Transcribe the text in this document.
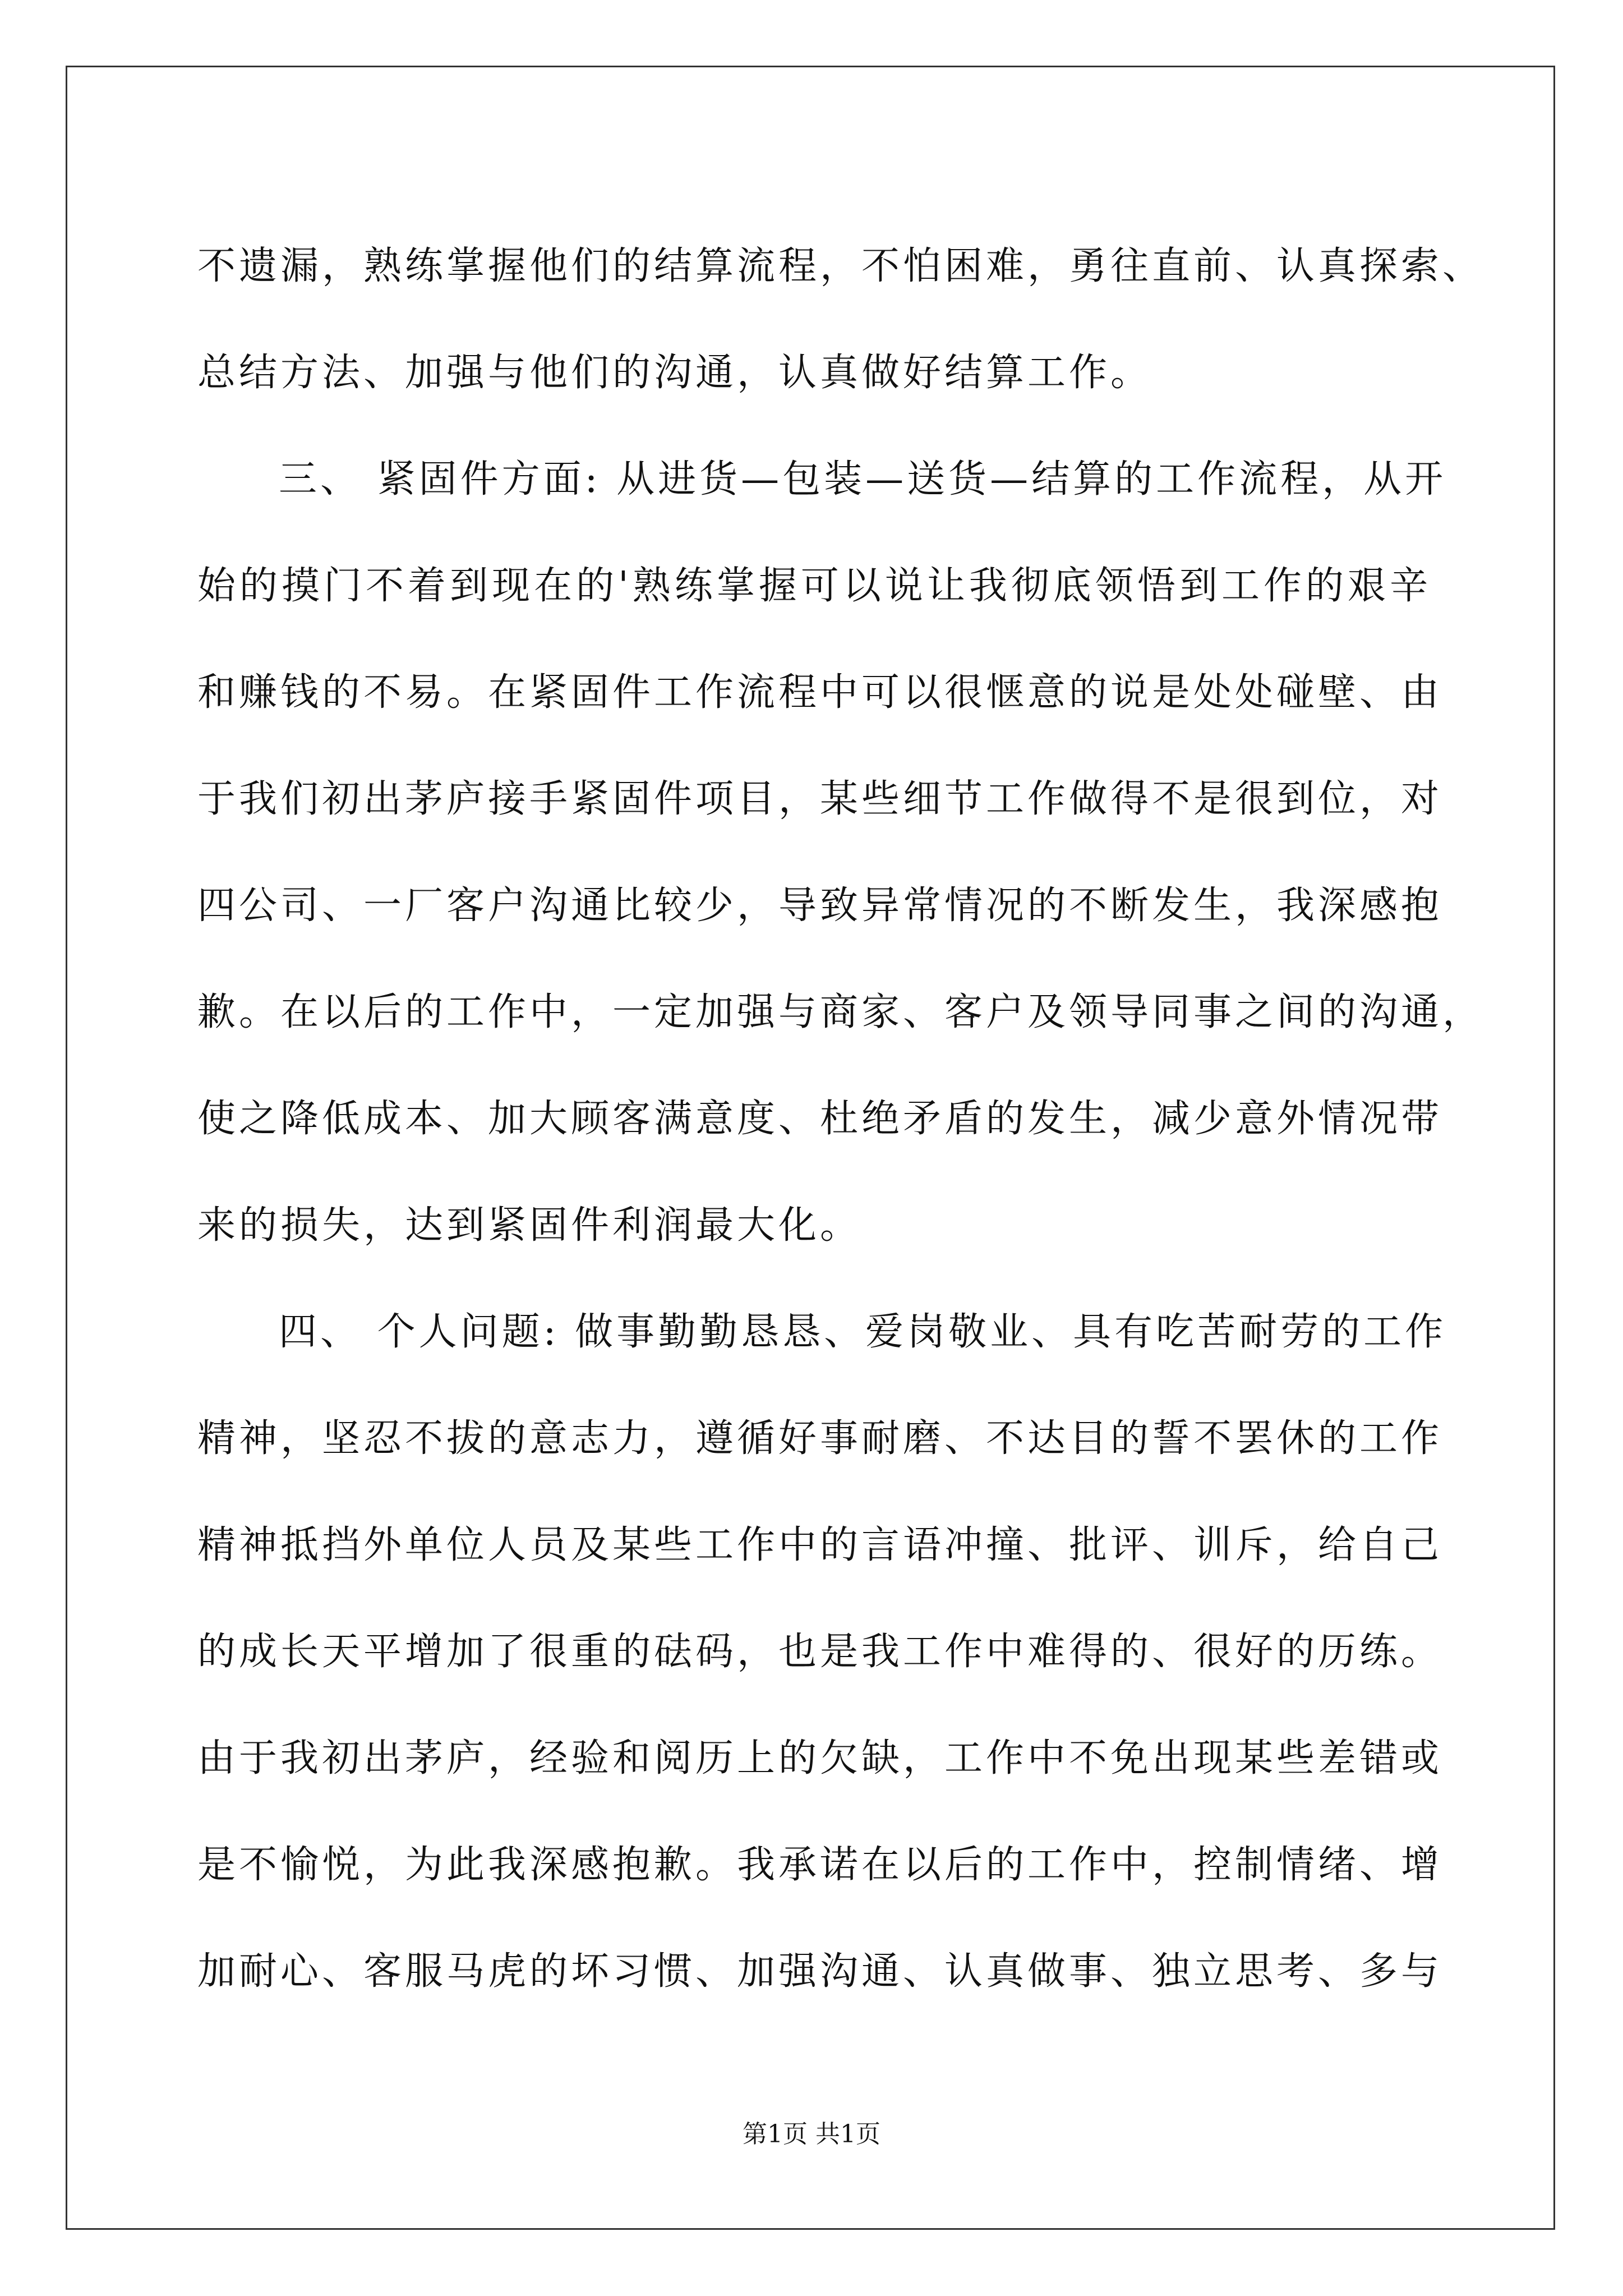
不遗漏，熟练掌握他们的结算流程，不怕困难，勇往直前、认真探索、
总结方法、加强与他们的沟通，认真做好结算工作。
三、 紧固件方面: 从进货—包装—送货—结算的工作流程，从开
始的摸门不着到现在的'熟练掌握可以说让我彻底领悟到工作的艰辛
和赚钱的不易。在紧固件工作流程中可以很惬意的说是处处碰壁、由
于我们初出茅庐接手紧固件项目，某些细节工作做得不是很到位，对
四公司、一厂客户沟通比较少，导致异常情况的不断发生，我深感抱
歉。在以后的工作中，一定加强与商家、客户及领导同事之间的沟通，
使之降低成本、加大顾客满意度、杜绝矛盾的发生，减少意外情况带
来的损失，达到紧固件利润最大化。
四、 个人问题: 做事勤勤恳恳、爱岗敬业、具有吃苦耐劳的工作
精神，坚忍不拔的意志力，遵循好事耐磨、不达目的誓不罢休的工作
精神抵挡外单位人员及某些工作中的言语冲撞、批评、训斥，给自己
的成长天平增加了很重的砝码，也是我工作中难得的、很好的历练。
由于我初出茅庐，经验和阅历上的欠缺，工作中不免出现某些差错或
是不愉悦，为此我深感抱歉。我承诺在以后的工作中，控制情绪、增
加耐心、客服马虎的坏习惯、加强沟通、认真做事、独立思考、多与
第1页 共1页
